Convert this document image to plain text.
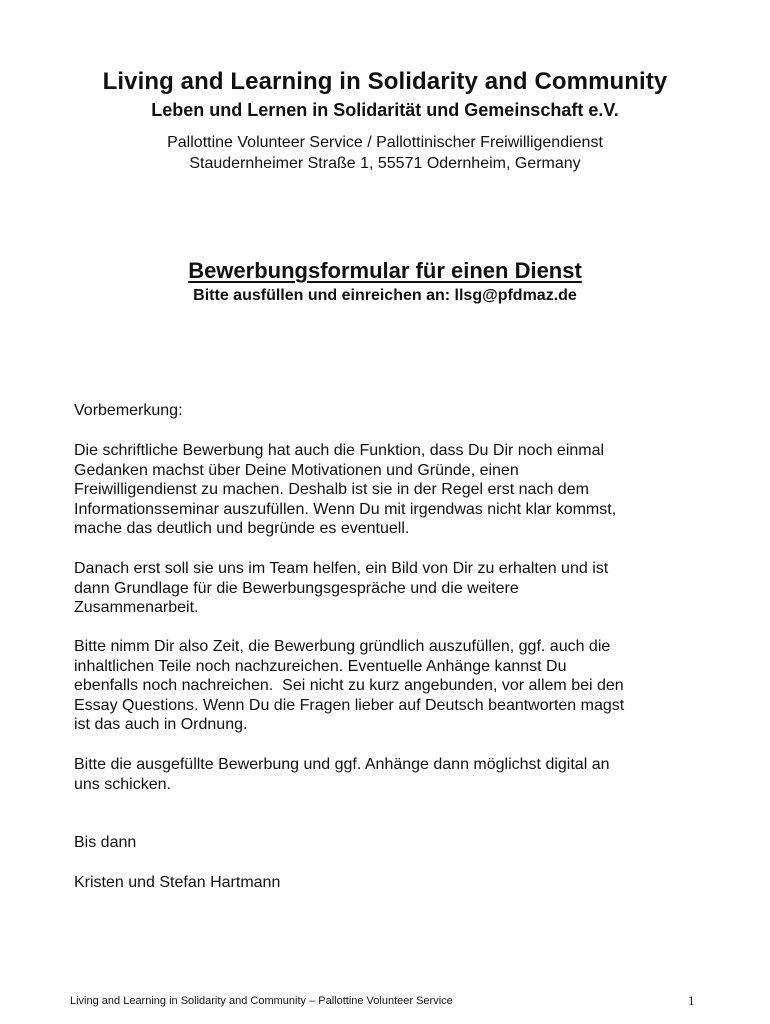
Living and Learning in Solidarity and Community
Leben und Lernen in Solidarität und Gemeinschaft e.V.
Pallottine Volunteer Service / Pallottinischer Freiwilligendienst
Staudernheimer Straße 1, 55571 Odernheim, Germany
Bewerbungsformular für einen Dienst
Bitte ausfüllen und einreichen an: llsg@pfdmaz.de
Vorbemerkung:
Die schriftliche Bewerbung hat auch die Funktion, dass Du Dir noch einmal
Gedanken machst über Deine Motivationen und Gründe, einen
Freiwilligendienst zu machen. Deshalb ist sie in der Regel erst nach dem
Informationsseminar auszufüllen. Wenn Du mit irgendwas nicht klar kommst,
mache das deutlich und begründe es eventuell.
Danach erst soll sie uns im Team helfen, ein Bild von Dir zu erhalten und ist
dann Grundlage für die Bewerbungsgespräche und die weitere
Zusammenarbeit.
Bitte nimm Dir also Zeit, die Bewerbung gründlich auszufüllen, ggf. auch die
inhaltlichen Teile noch nachzureichen. Eventuelle Anhänge kannst Du
ebenfalls noch nachreichen.  Sei nicht zu kurz angebunden, vor allem bei den
Essay Questions. Wenn Du die Fragen lieber auf Deutsch beantworten magst
ist das auch in Ordnung.
Bitte die ausgefüllte Bewerbung und ggf. Anhänge dann möglichst digital an
uns schicken.
Bis dann
Kristen und Stefan Hartmann
Living and Learning in Solidarity and Community – Pallottine Volunteer Service	1
